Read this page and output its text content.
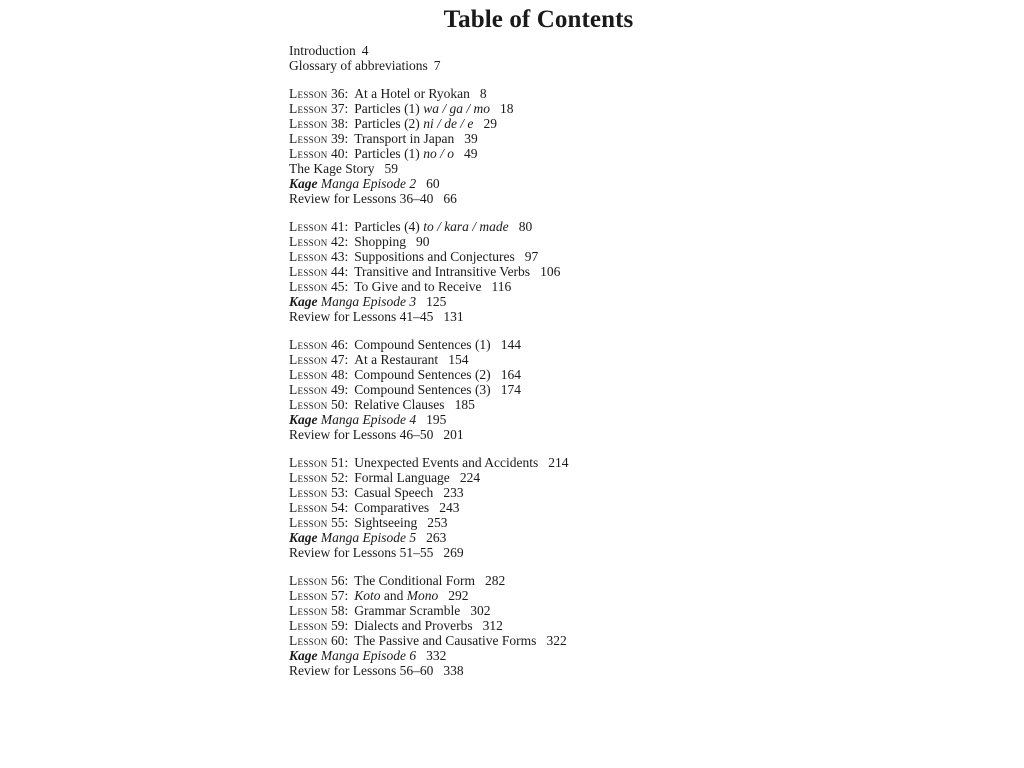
Table of Contents
Introduction 4
Glossary of abbreviations 7
Lesson 36: At a Hotel or Ryokan 8
Lesson 37: Particles (1) wa / ga / mo 18
Lesson 38: Particles (2) ni / de / e 29
Lesson 39: Transport in Japan 39
Lesson 40: Particles (1) no / o 49
The Kage Story 59
Kage Manga Episode 2 60
Review for Lessons 36–40 66
Lesson 41: Particles (4) to / kara / made 80
Lesson 42: Shopping 90
Lesson 43: Suppositions and Conjectures 97
Lesson 44: Transitive and Intransitive Verbs 106
Lesson 45: To Give and to Receive 116
Kage Manga Episode 3 125
Review for Lessons 41–45 131
Lesson 46: Compound Sentences (1) 144
Lesson 47: At a Restaurant 154
Lesson 48: Compound Sentences (2) 164
Lesson 49: Compound Sentences (3) 174
Lesson 50: Relative Clauses 185
Kage Manga Episode 4 195
Review for Lessons 46–50 201
Lesson 51: Unexpected Events and Accidents 214
Lesson 52: Formal Language 224
Lesson 53: Casual Speech 233
Lesson 54: Comparatives 243
Lesson 55: Sightseeing 253
Kage Manga Episode 5 263
Review for Lessons 51–55 269
Lesson 56: The Conditional Form 282
Lesson 57: Koto and Mono 292
Lesson 58: Grammar Scramble 302
Lesson 59: Dialects and Proverbs 312
Lesson 60: The Passive and Causative Forms 322
Kage Manga Episode 6 332
Review for Lessons 56–60 338
